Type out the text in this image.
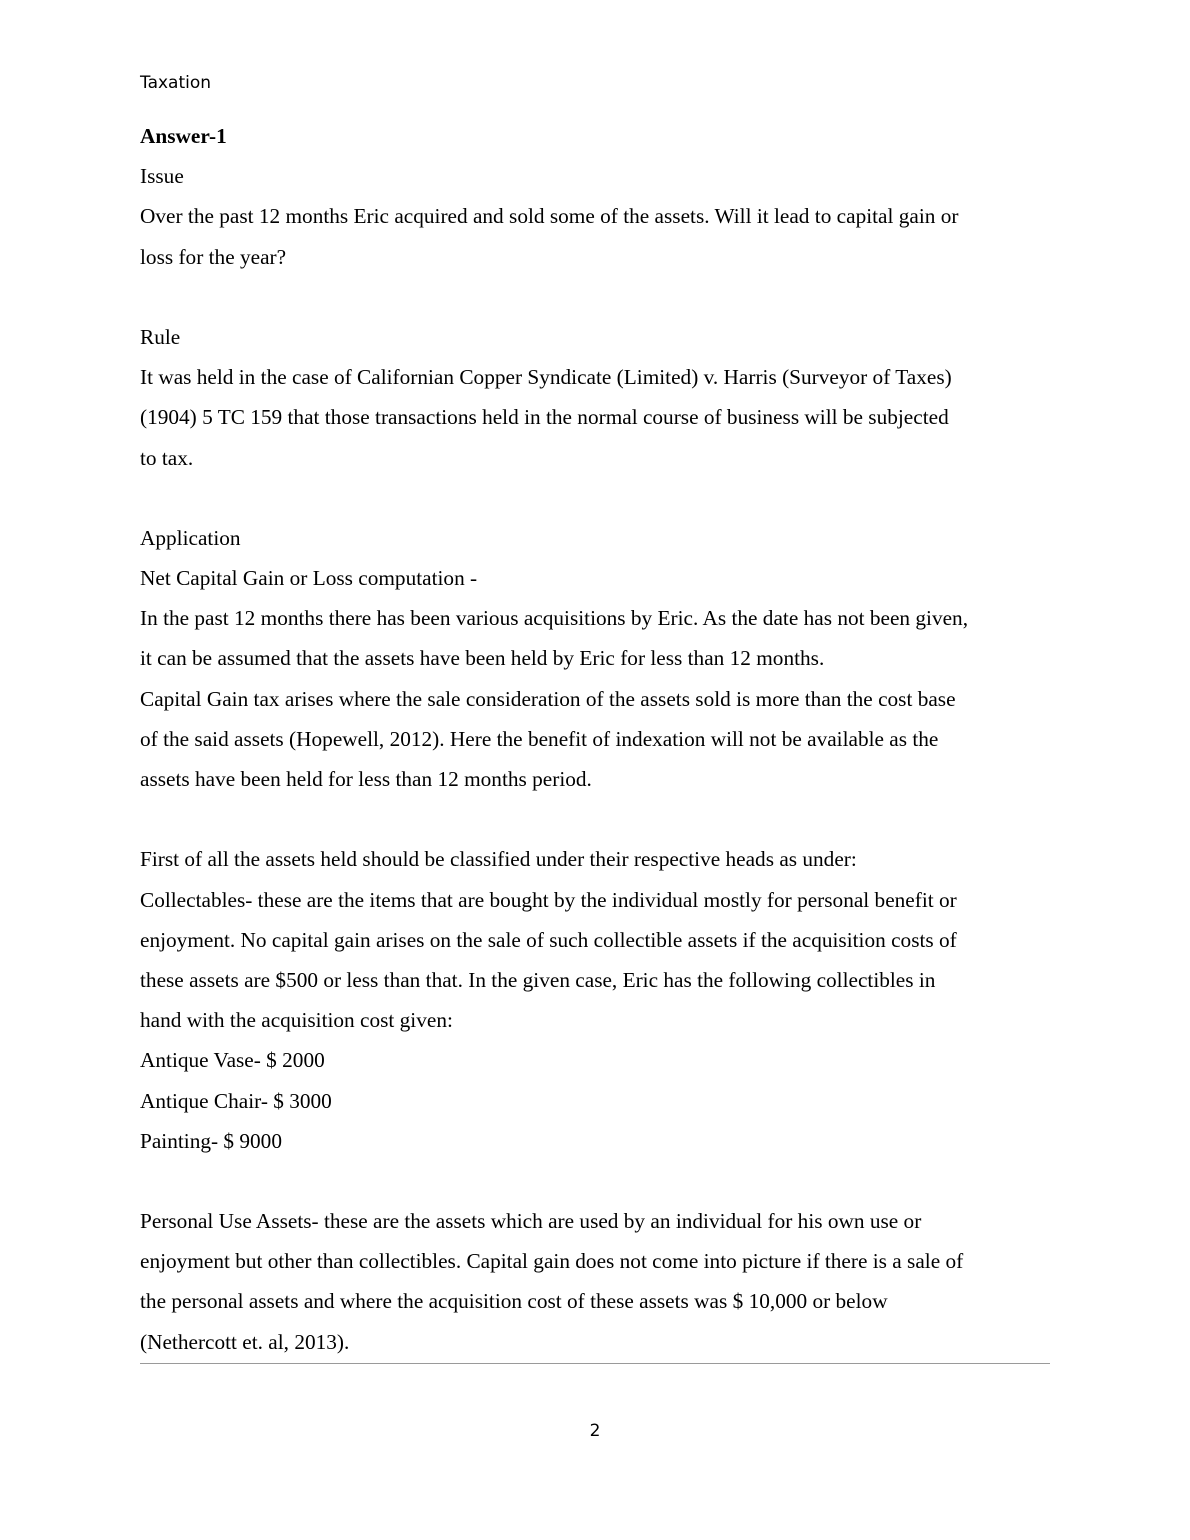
Taxation
Answer-1
Issue
Over the past 12 months Eric acquired and sold some of the assets. Will it lead to capital gain or
loss for the year?
Rule
It was held in the case of Californian Copper Syndicate (Limited) v. Harris (Surveyor of Taxes)
(1904) 5 TC 159 that those transactions held in the normal course of business will be subjected
to tax.
Application
Net Capital Gain or Loss computation -
In the past 12 months there has been various acquisitions by Eric. As the date has not been given,
it can be assumed that the assets have been held by Eric for less than 12 months.
Capital Gain tax arises where the sale consideration of the assets sold is more than the cost base
of the said assets (Hopewell, 2012). Here the benefit of indexation will not be available as the
assets have been held for less than 12 months period.
First of all the assets held should be classified under their respective heads as under:
Collectables- these are the items that are bought by the individual mostly for personal benefit or
enjoyment. No capital gain arises on the sale of such collectible assets if the acquisition costs of
these assets are $500 or less than that. In the given case, Eric has the following collectibles in
hand with the acquisition cost given:
Antique Vase- $ 2000
Antique Chair- $ 3000
Painting- $ 9000
Personal Use Assets- these are the assets which are used by an individual for his own use or
enjoyment but other than collectibles. Capital gain does not come into picture if there is a sale of
the personal assets and where the acquisition cost of these assets was $ 10,000 or below
(Nethercott et. al, 2013).
2
